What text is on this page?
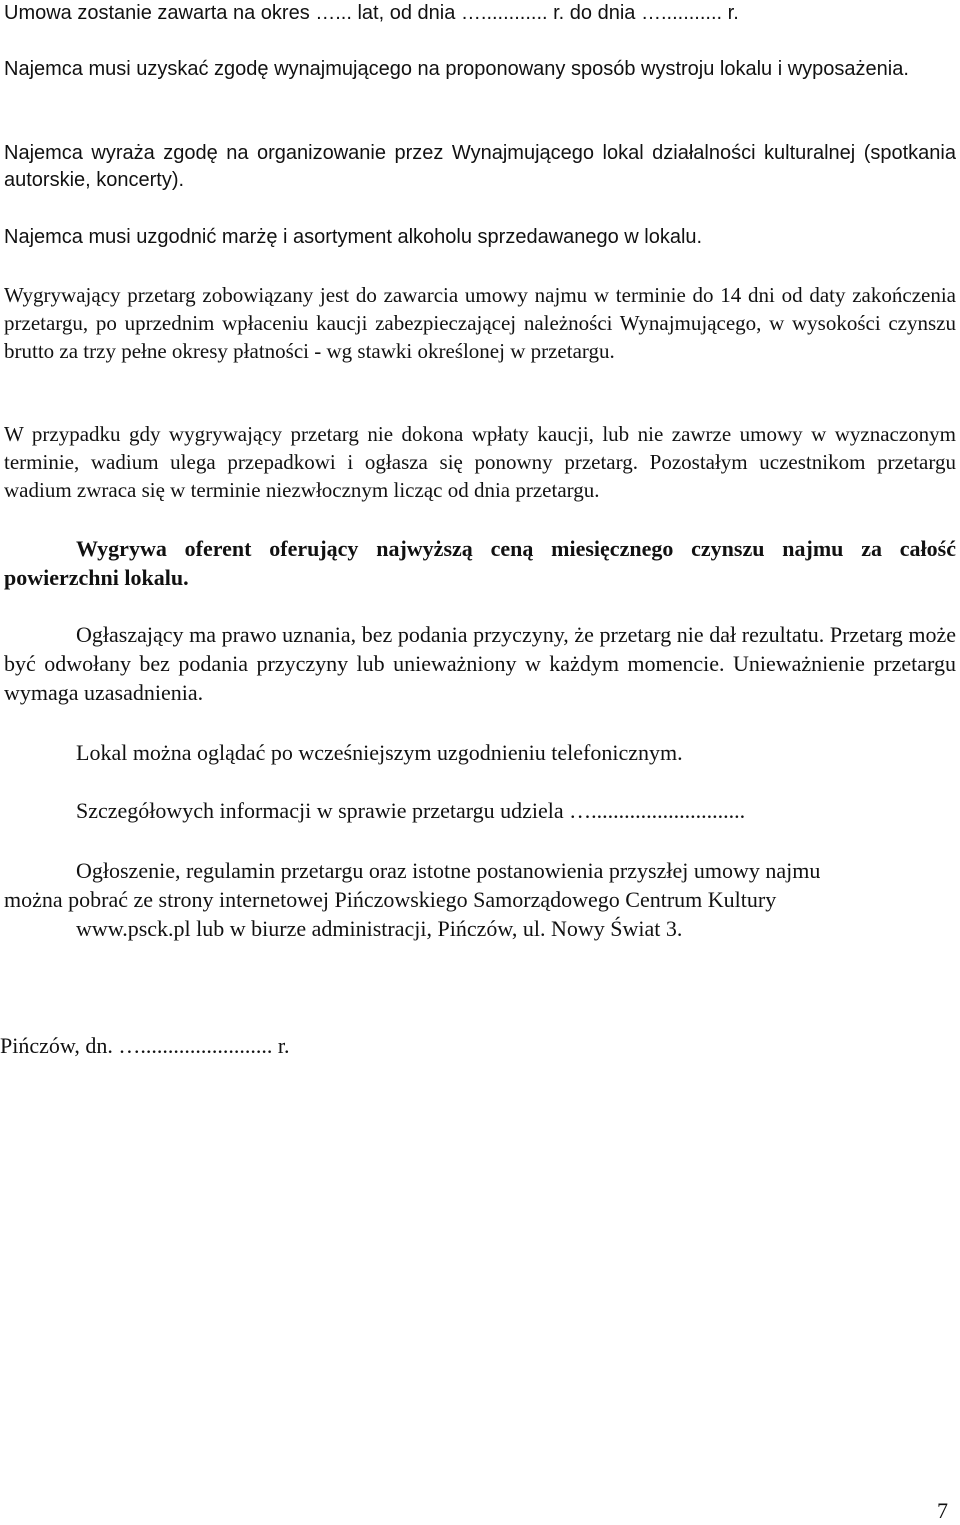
Umowa zostanie zawarta na okres …... lat, od dnia …............ r. do dnia …........... r.

Najemca musi uzyskać zgodę wynajmującego na proponowany sposób wystroju lokalu i wyposażenia.

Najemca wyraża zgodę na organizowanie przez Wynajmującego lokal działalności kulturalnej (spotkania autorskie, koncerty).

Najemca musi uzgodnić marżę i asortyment alkoholu sprzedawanego w lokalu.

Wygrywający przetarg zobowiązany jest do zawarcia umowy najmu w terminie do 14 dni od daty zakończenia przetargu, po uprzednim wpłaceniu kaucji zabezpieczającej należności Wynajmującego, w wysokości czynszu brutto za trzy pełne okresy płatności - wg stawki określonej w przetargu.

W przypadku gdy wygrywający przetarg nie dokona wpłaty kaucji, lub nie zawrze umowy w wyznaczonym terminie, wadium ulega przepadkowi i ogłasza się ponowny przetarg. Pozostałym uczestnikom przetargu wadium zwraca się w terminie niezwłocznym licząc od dnia przetargu.

Wygrywa oferent oferujący najwyższą ceną miesięcznego czynszu najmu za całość powierzchni lokalu.

Ogłaszający ma prawo uznania, bez podania przyczyny, że przetarg nie dał rezultatu. Przetarg może być odwołany bez podania przyczyny lub unieważniony w każdym momencie. Unieważnienie przetargu wymaga uzasadnienia.

Lokal można oglądać po wcześniejszym uzgodnieniu telefonicznym.

Szczegółowych informacji w sprawie przetargu udziela …............................

Ogłoszenie, regulamin przetargu oraz istotne postanowienia przyszłej umowy najmu
można pobrać ze strony internetowej Pińczowskiego Samorządowego Centrum Kultury
www.psck.pl lub w biurze administracji, Pińczów, ul. Nowy Świat 3.

Pińczów, dn. …........................ r.

7
